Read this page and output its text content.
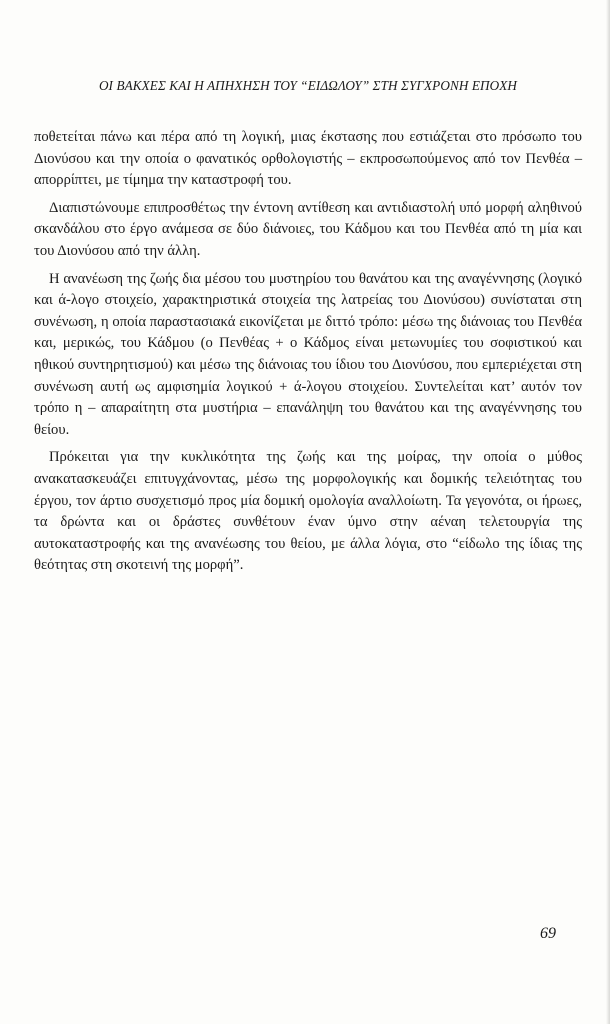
ΟΙ ΒΑΚΧΕΣ ΚΑΙ Η ΑΠΗΧΗΣΗ ΤΟΥ “ΕΙΔΩΛΟΥ” ΣΤΗ ΣΥΓΧΡΟΝΗ ΕΠΟΧΗ

ποθετείται πάνω και πέρα από τη λογική, μιας έκστασης που εστιάζεται στο πρόσωπο του Διονύσου και την οποία ο φανατικός ορθολογιστής – εκπροσωπούμενος από τον Πενθέα – απορρίπτει, με τίμημα την καταστροφή του.

Διαπιστώνουμε επιπροσθέτως την έντονη αντίθεση και αντιδιαστολή υπό μορφή αληθινού σκανδάλου στο έργο ανάμεσα σε δύο διάνοιες, του Κάδμου και του Πενθέα από τη μία και του Διονύσου από την άλλη.

Η ανανέωση της ζωής δια μέσου του μυστηρίου του θανάτου και της αναγέννησης (λογικό και ά-λογο στοιχείο, χαρακτηριστικά στοιχεία της λατρείας του Διονύσου) συνίσταται στη συνένωση, η οποία παραστασιακά εικονίζεται με διττό τρόπο: μέσω της διάνοιας του Πενθέα και, μερικώς, του Κάδμου (ο Πενθέας + ο Κάδμος είναι μετωνυμίες του σοφιστικού και ηθικού συντηρητισμού) και μέσω της διάνοιας του ίδιου του Διονύσου, που εμπεριέχεται στη συνένωση αυτή ως αμφισημία λογικού + ά-λογου στοιχείου. Συντελείται κατ’ αυτόν τον τρόπο η – απαραίτητη στα μυστήρια – επανάληψη του θανάτου και της αναγέννησης του θείου.

Πρόκειται για την κυκλικότητα της ζωής και της μοίρας, την οποία ο μύθος ανακατασκευάζει επιτυγχάνοντας, μέσω της μορφολογικής και δομικής τελειότητας του έργου, τον άρτιο συσχετισμό προς μία δομική ομολογία αναλλοίωτη. Τα γεγονότα, οι ήρωες, τα δρώντα και οι δράστες συνθέτουν έναν ύμνο στην αέναη τελετουργία της αυτοκαταστροφής και της ανανέωσης του θείου, με άλλα λόγια, στο “είδωλο της ίδιας της θεότητας στη σκοτεινή της μορφή”.

69
